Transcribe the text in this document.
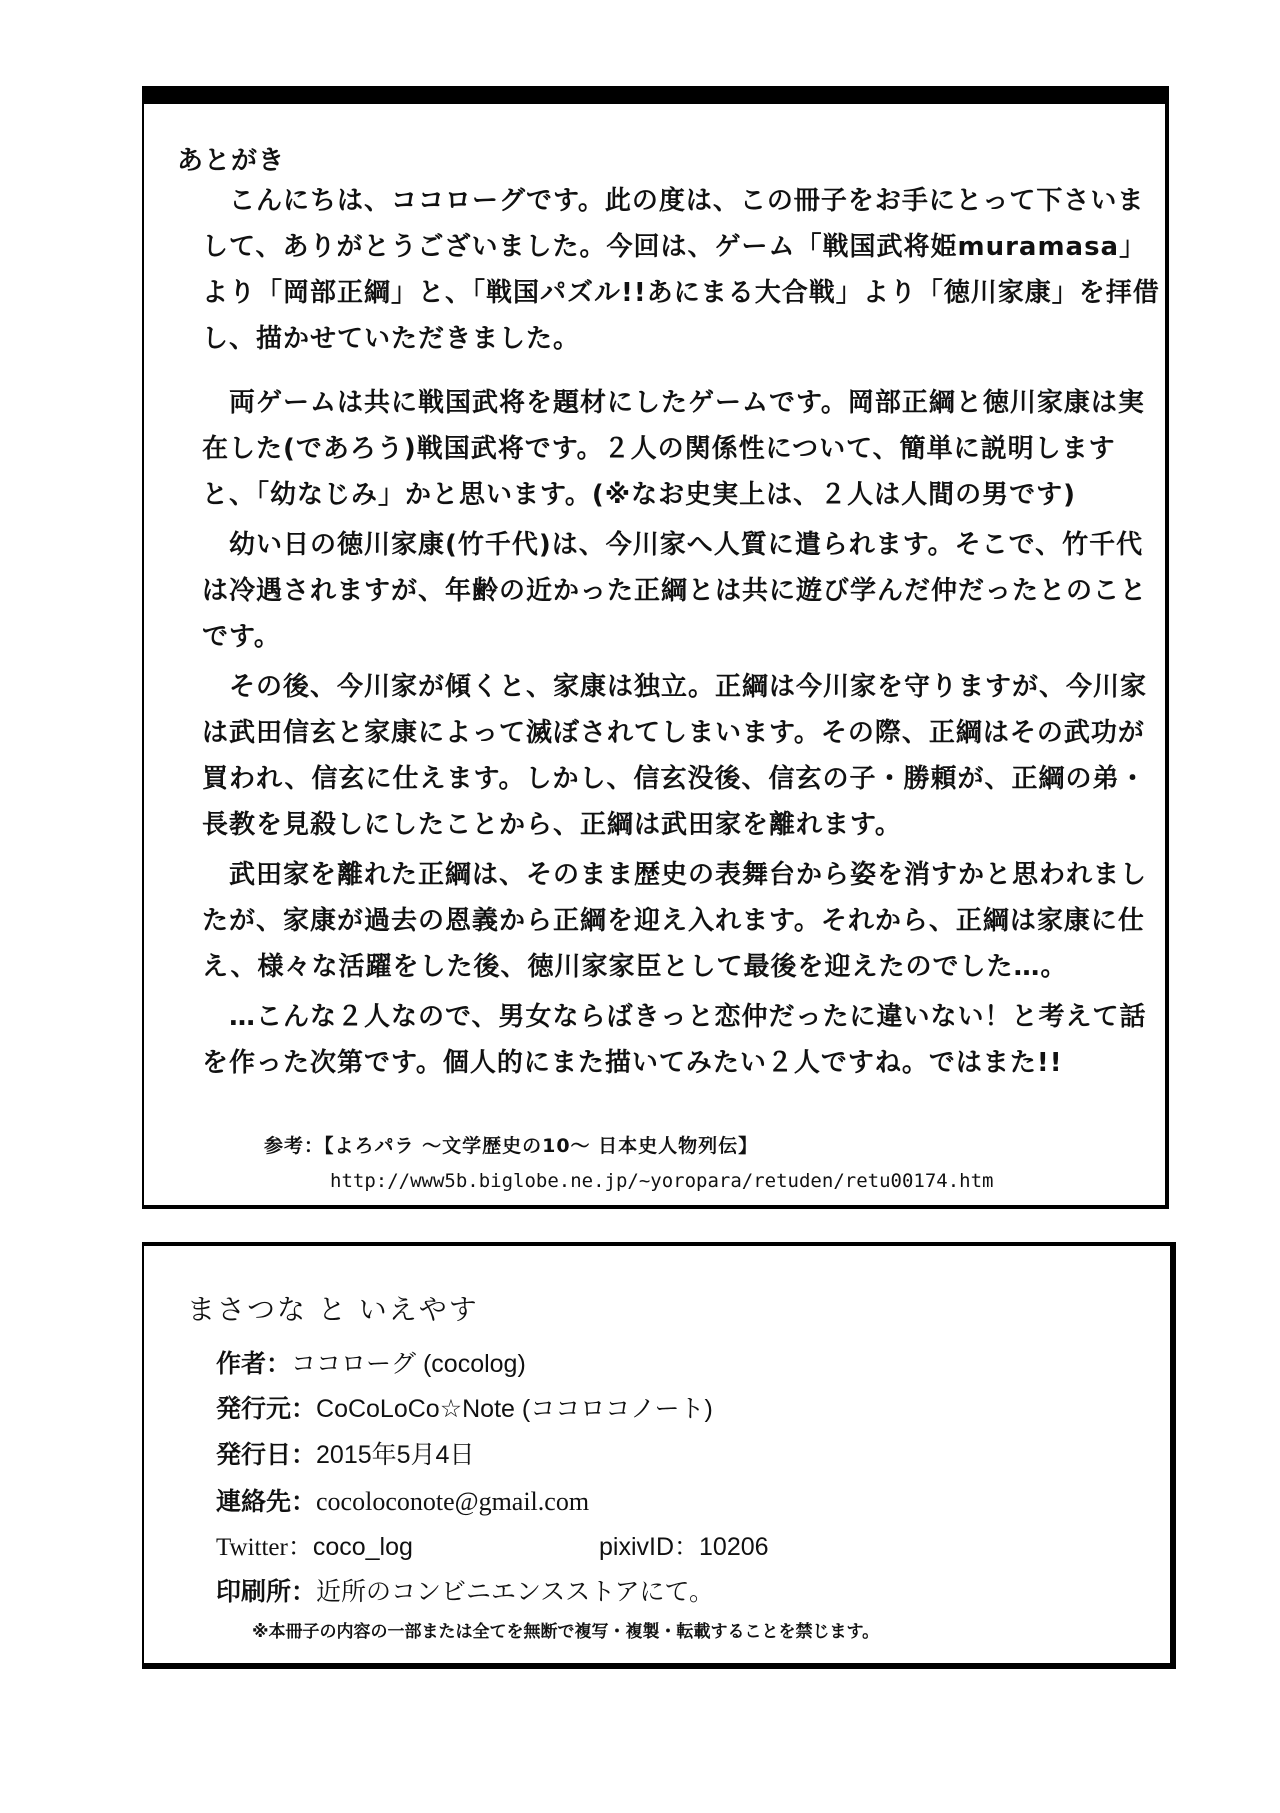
あとがき

　こんにちは、ココローグです。此の度は、この冊子をお手にとって下さいまして、ありがとうございました。今回は、ゲーム「戦国武将姫muramasa」より「岡部正綱」と、「戦国パズル!!あにまる大合戦」より「徳川家康」を拝借し、描かせていただきました。

　両ゲームは共に戦国武将を題材にしたゲームです。岡部正綱と徳川家康は実在した(であろう)戦国武将です。２人の関係性について、簡単に説明しますと、「幼なじみ」かと思います。(※なお史実上は、２人は人間の男です)

　幼い日の徳川家康(竹千代)は、今川家へ人質に遣られます。そこで、竹千代は冷遇されますが、年齢の近かった正綱とは共に遊び学んだ仲だったとのことです。

　その後、今川家が傾くと、家康は独立。正綱は今川家を守りますが、今川家は武田信玄と家康によって滅ぼされてしまいます。その際、正綱はその武功が買われ、信玄に仕えます。しかし、信玄没後、信玄の子・勝頼が、正綱の弟・長教を見殺しにしたことから、正綱は武田家を離れます。

　武田家を離れた正綱は、そのまま歴史の表舞台から姿を消すかと思われましたが、家康が過去の恩義から正綱を迎え入れます。それから、正綱は家康に仕え、様々な活躍をした後、徳川家家臣として最後を迎えたのでした…。

　…こんな２人なので、男女ならばきっと恋仲だったに違いない！と考えて話を作った次第です。個人的にまた描いてみたい２人ですね。ではまた!!

参考：【よろパラ ～文学歴史の10～ 日本史人物列伝】
http://www5b.biglobe.ne.jp/~yoropara/retuden/retu00174.htm
まさつな と いえやす
作者：ココローグ (cocolog)
発行元：CoCoLoCo☆Note (ココロコノート)
発行日：2015年5月4日
連絡先：cocoloconote@gmail.com
Twitter：coco_log	pixivID：10206
印刷所：近所のコンビニエンスストアにて。
※本冊子の内容の一部または全てを無断で複写・複製・転載することを禁じます。
